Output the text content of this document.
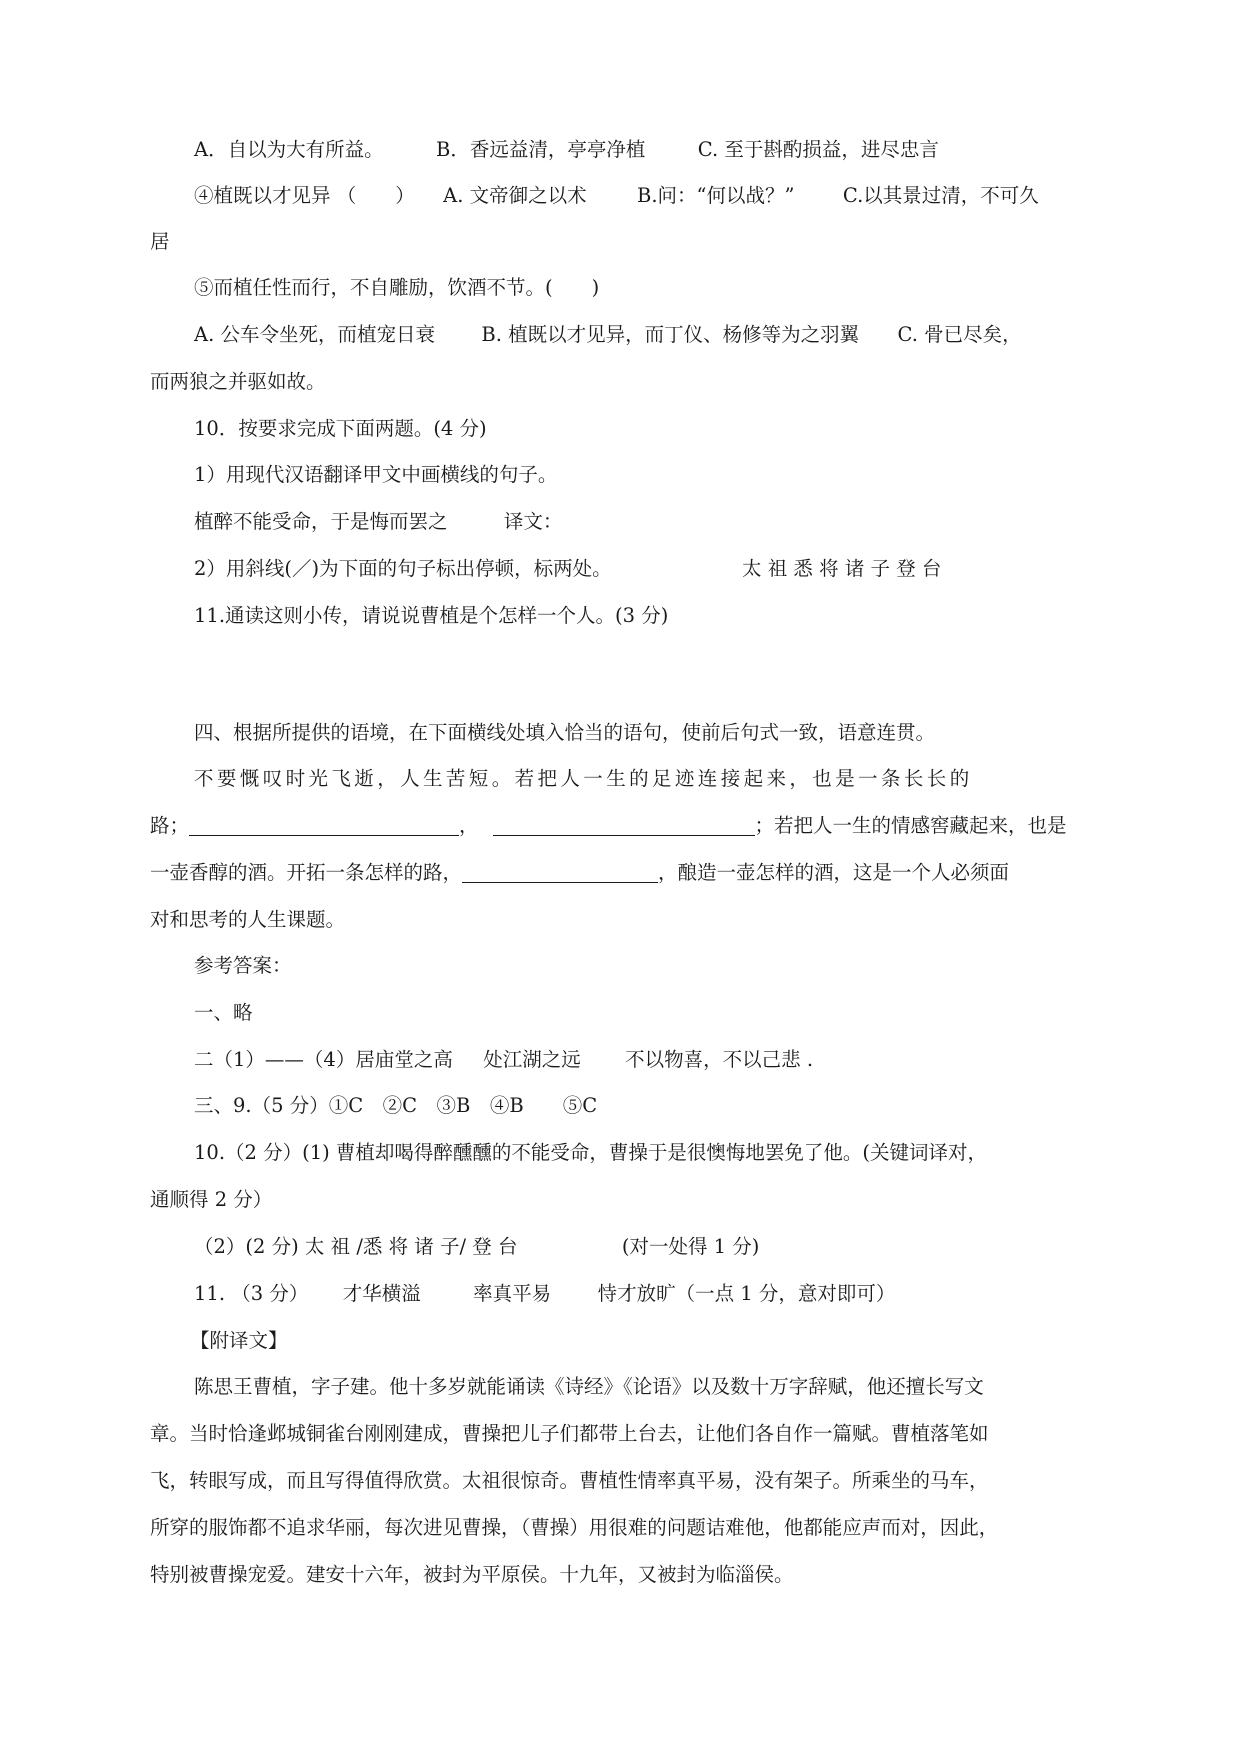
A．自以为大有所益。	B．香远益清，亭亭净植	C. 至于斟酌损益，进尽忠言
④植既以才见异 （　　） A. 文帝御之以术	B.问：“何以战？” C.以其景过清，不可久
居
⑤而植任性而行，不自雕励，饮酒不节。(　　)
A. 公车令坐死，而植宠日衰 B. 植既以才见异，而丁仪、杨修等为之羽翼 C. 骨已尽矣，
而两狼之并驱如故。
10．按要求完成下面两题。(4 分)
1）用现代汉语翻译甲文中画横线的句子。
植醉不能受命，于是悔而罢之	译文：
2）用斜线(／)为下面的句子标出停顿，标两处。	太 祖 悉 将 诸 子 登 台
11.通读这则小传，请说说曹植是个怎样一个人。(3 分)
四、根据所提供的语境，在下面横线处填入恰当的语句，使前后句式一致，语意连贯。
不要慨叹时光飞逝，人生苦短。若把人一生的足迹连接起来，也是一条长长的
路；	，	；若把人一生的情感窖藏起来，也是
一壶香醇的酒。开拓一条怎样的路，	，酿造一壶怎样的酒，这是一个人必须面
对和思考的人生课题。
参考答案：
一、略
二（1）——（4）居庙堂之高 处江湖之远 不以物喜，不以己悲 .
三、9.（5 分）①C　②C　③B　④B　　⑤C
10.（2 分）(1) 曹植却喝得醉醺醺的不能受命，曹操于是很懊悔地罢免了他。(关键词译对，
通顺得 2 分）
（2）(2 分) 太 祖 /悉 将 诸 子/ 登 台	(对一处得 1 分)
11. （3 分） 才华横溢	率真平易 恃才放旷（一点 1 分，意对即可）
【附译文】
陈思王曹植，字子建。他十多岁就能诵读《诗经》《论语》以及数十万字辞赋，他还擅长写文
章。当时恰逢邺城铜雀台刚刚建成，曹操把儿子们都带上台去，让他们各自作一篇赋。曹植落笔如
飞，转眼写成，而且写得值得欣赏。太祖很惊奇。曹植性情率真平易，没有架子。所乘坐的马车，
所穿的服饰都不追求华丽，每次进见曹操，（曹操）用很难的问题诘难他，他都能应声而对，因此，
特别被曹操宠爱。建安十六年，被封为平原侯。十九年，又被封为临淄侯。
